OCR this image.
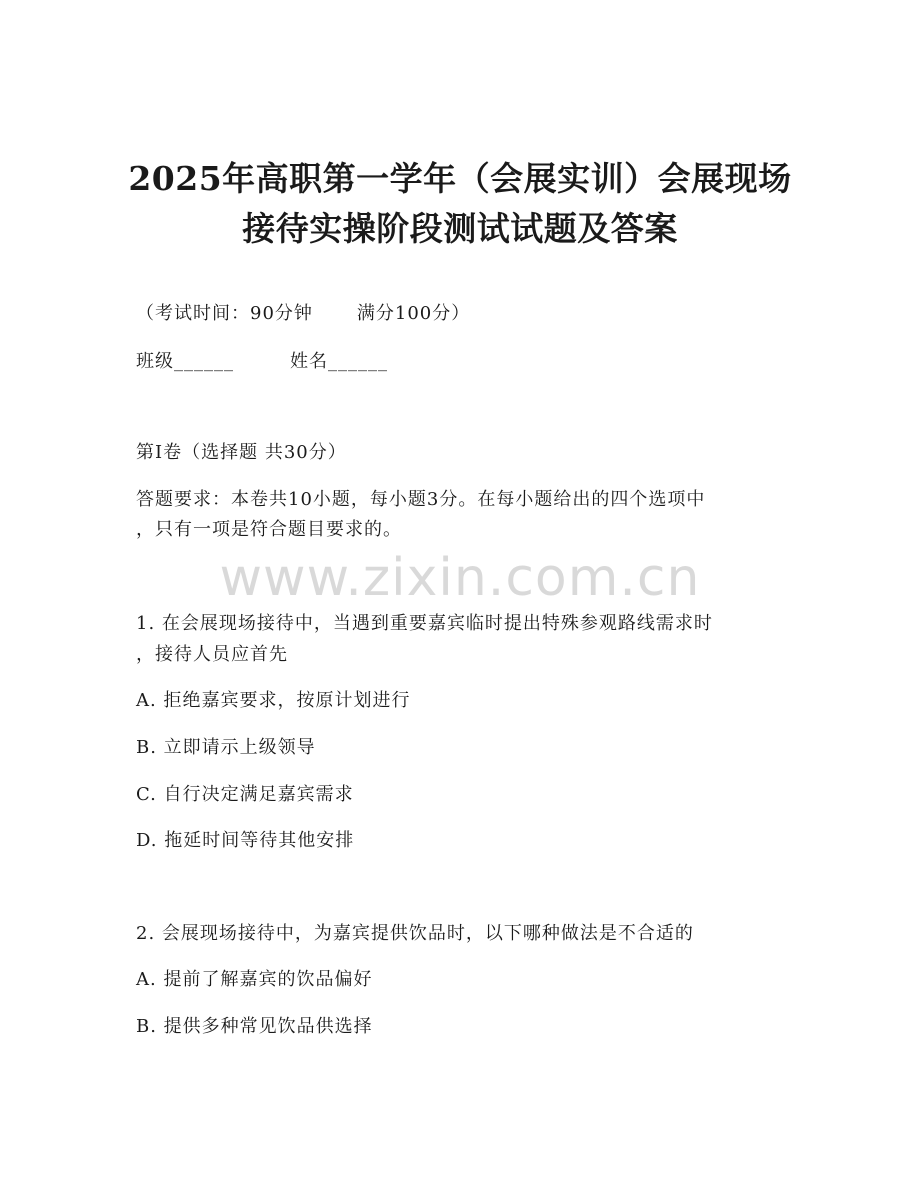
2025年高职第一学年（会展实训）会展现场
接待实操阶段测试试题及答案
（考试时间：90分钟 满分100分）
班级______	姓名______
第I卷（选择题 共30分）
答题要求：本卷共10小题，每小题3分。在每小题给出的四个选项中
，只有一项是符合题目要求的。
www.zixin.com.cn
1. 在会展现场接待中，当遇到重要嘉宾临时提出特殊参观路线需求时
，接待人员应首先
A. 拒绝嘉宾要求，按原计划进行
B. 立即请示上级领导
C. 自行决定满足嘉宾需求
D. 拖延时间等待其他安排
2. 会展现场接待中，为嘉宾提供饮品时，以下哪种做法是不合适的
A. 提前了解嘉宾的饮品偏好
B. 提供多种常见饮品供选择
